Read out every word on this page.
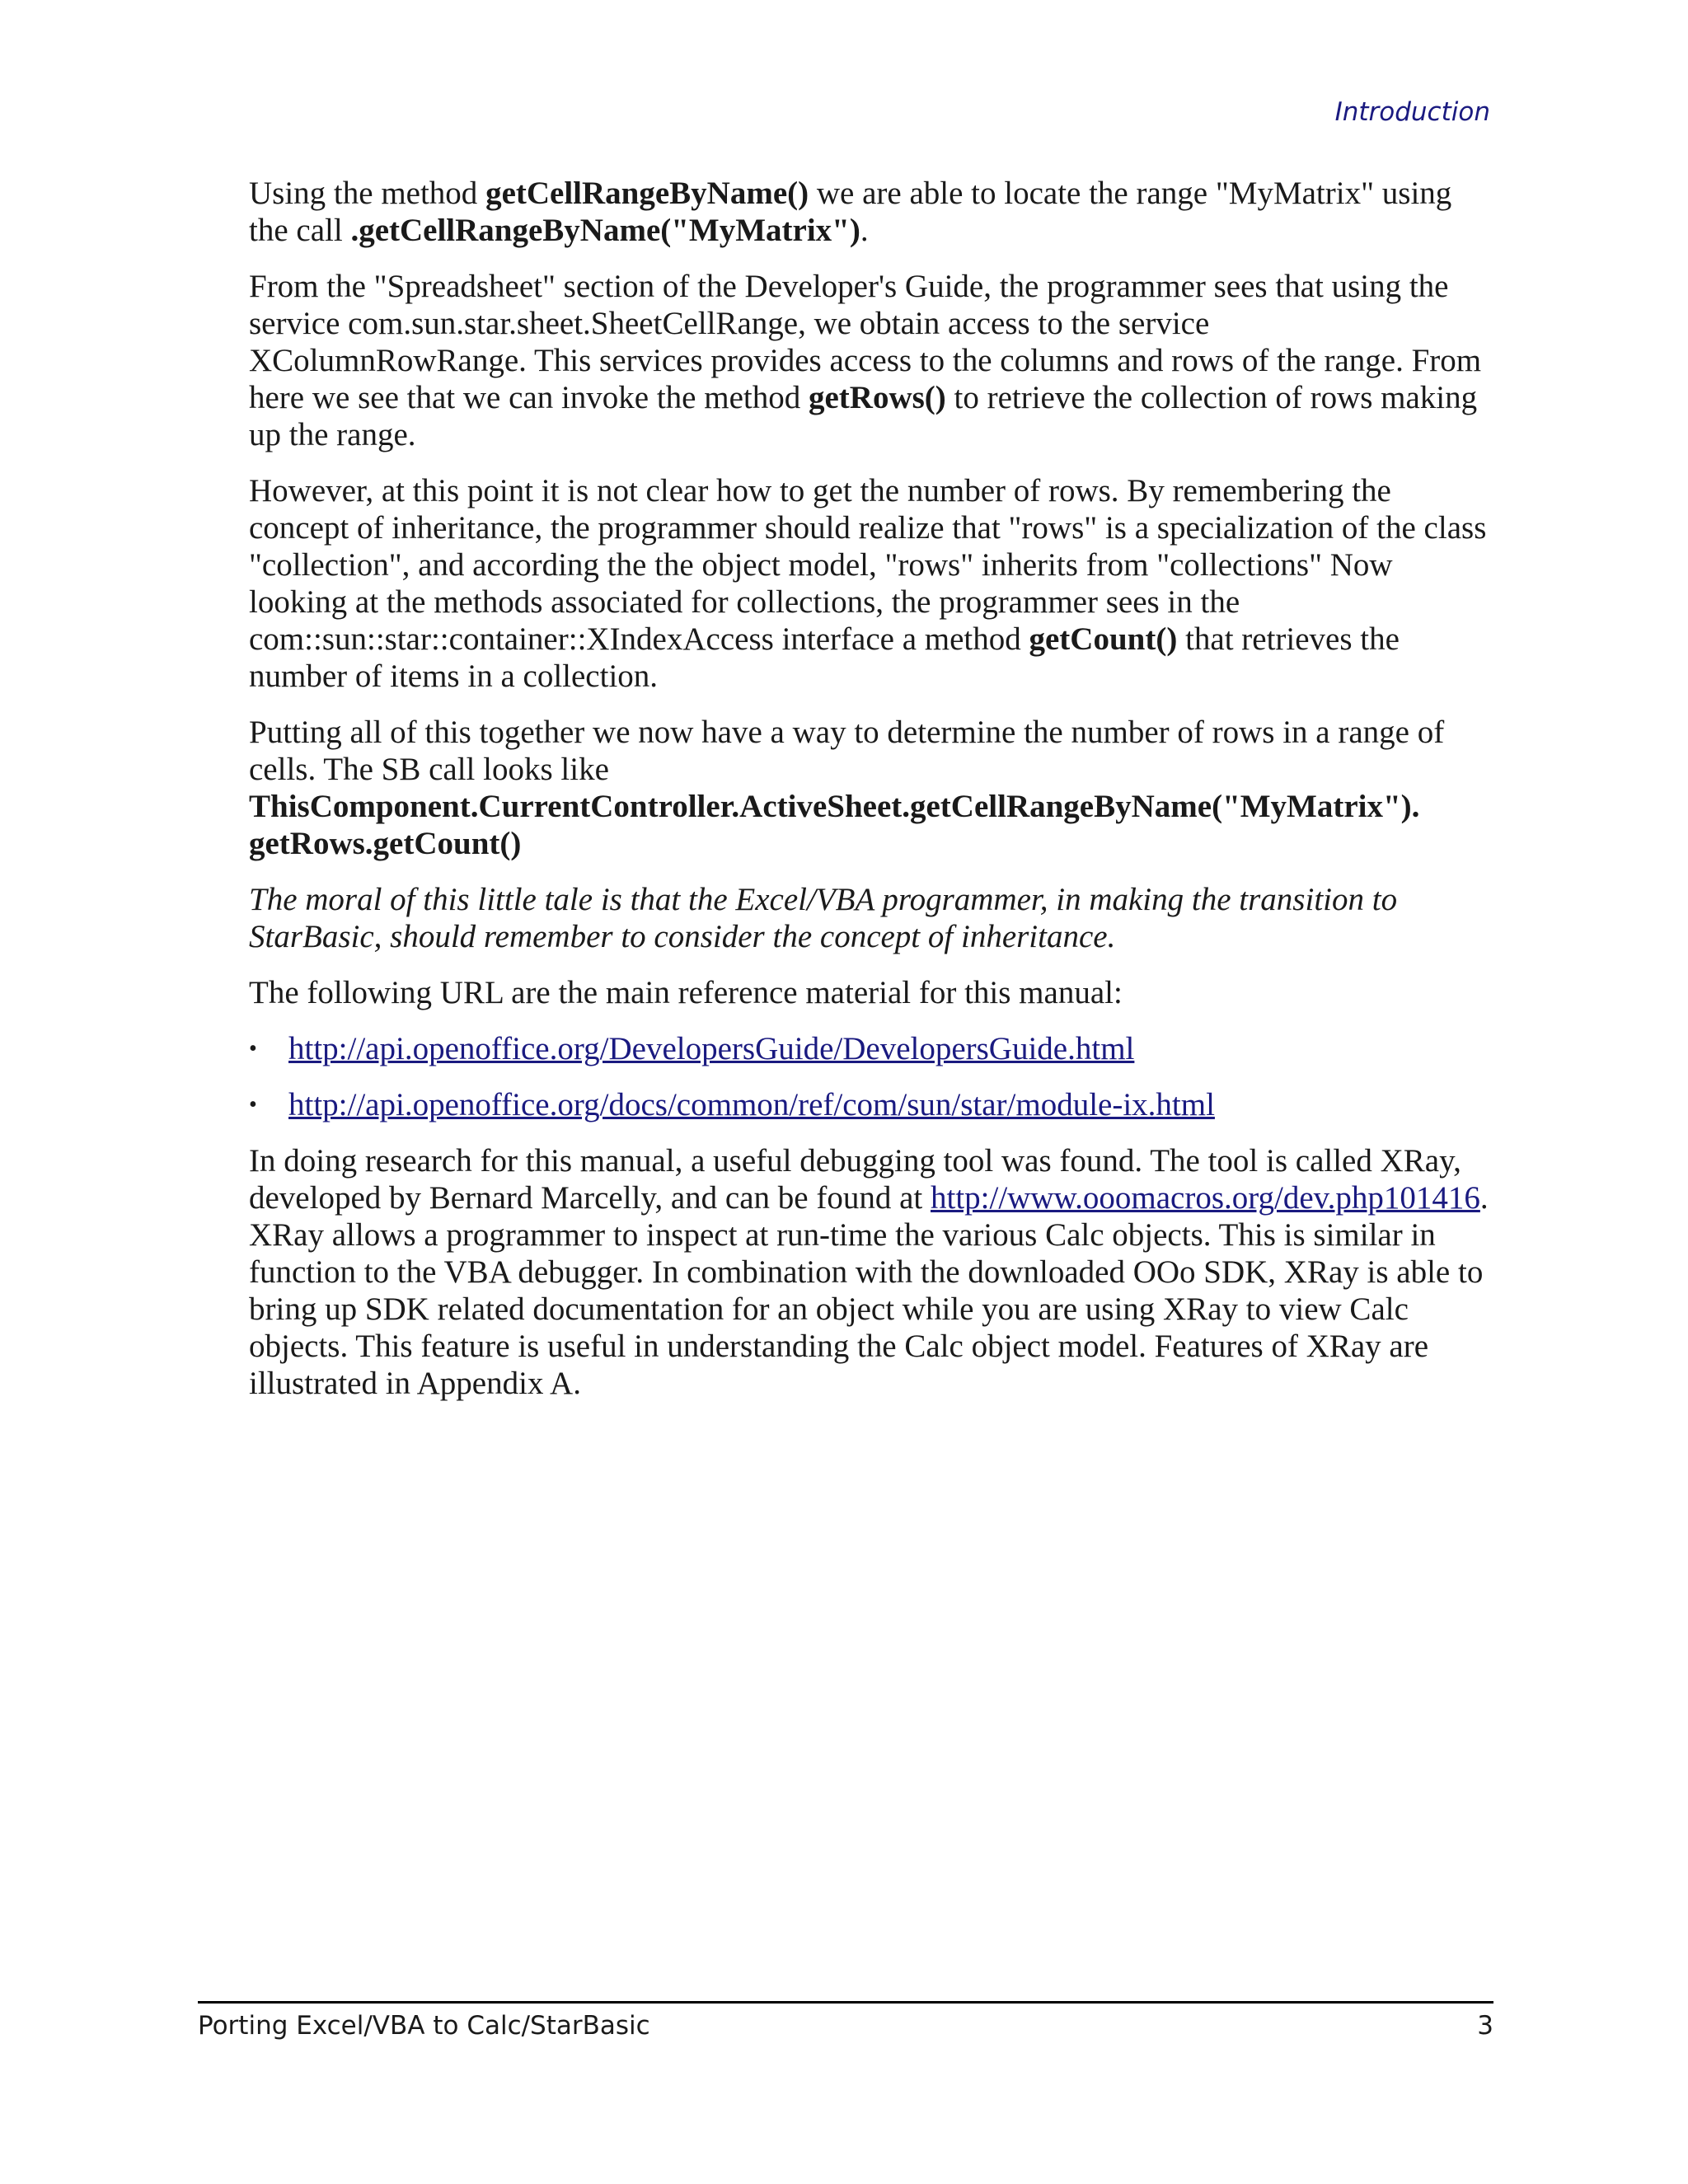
Introduction

Using the method getCellRangeByName() we are able to locate the range "MyMatrix" using the call .getCellRangeByName("MyMatrix").

From the "Spreadsheet" section of the Developer's Guide, the programmer sees that using the service com.sun.star.sheet.SheetCellRange, we obtain access to the service XColumnRowRange. This services provides access to the columns and rows of the range. From here we see that we can invoke the method getRows() to retrieve the collection of rows making up the range.

However, at this point it is not clear how to get the number of rows. By remembering the concept of inheritance, the programmer should realize that "rows" is a specialization of the class "collection", and according the the object model, "rows" inherits from "collections" Now looking at the methods associated for collections, the programmer sees in the com::sun::star::container::XIndexAccess interface a method getCount() that retrieves the number of items in a collection.

Putting all of this together we now have a way to determine the number of rows in a range of cells. The SB call looks like
ThisComponent.CurrentController.ActiveSheet.getCellRangeByName("MyMatrix").
getRows.getCount()

The moral of this little tale is that the Excel/VBA programmer, in making the transition to StarBasic, should remember to consider the concept of inheritance.

The following URL are the main reference material for this manual:

• http://api.openoffice.org/DevelopersGuide/DevelopersGuide.html
• http://api.openoffice.org/docs/common/ref/com/sun/star/module-ix.html

In doing research for this manual, a useful debugging tool was found. The tool is called XRay, developed by Bernard Marcelly, and can be found at http://www.ooomacros.org/dev.php101416. XRay allows a programmer to inspect at run-time the various Calc objects. This is similar in function to the VBA debugger. In combination with the downloaded OOo SDK, XRay is able to bring up SDK related documentation for an object while you are using XRay to view Calc objects. This feature is useful in understanding the Calc object model. Features of XRay are illustrated in Appendix A.

Porting Excel/VBA to Calc/StarBasic	3
